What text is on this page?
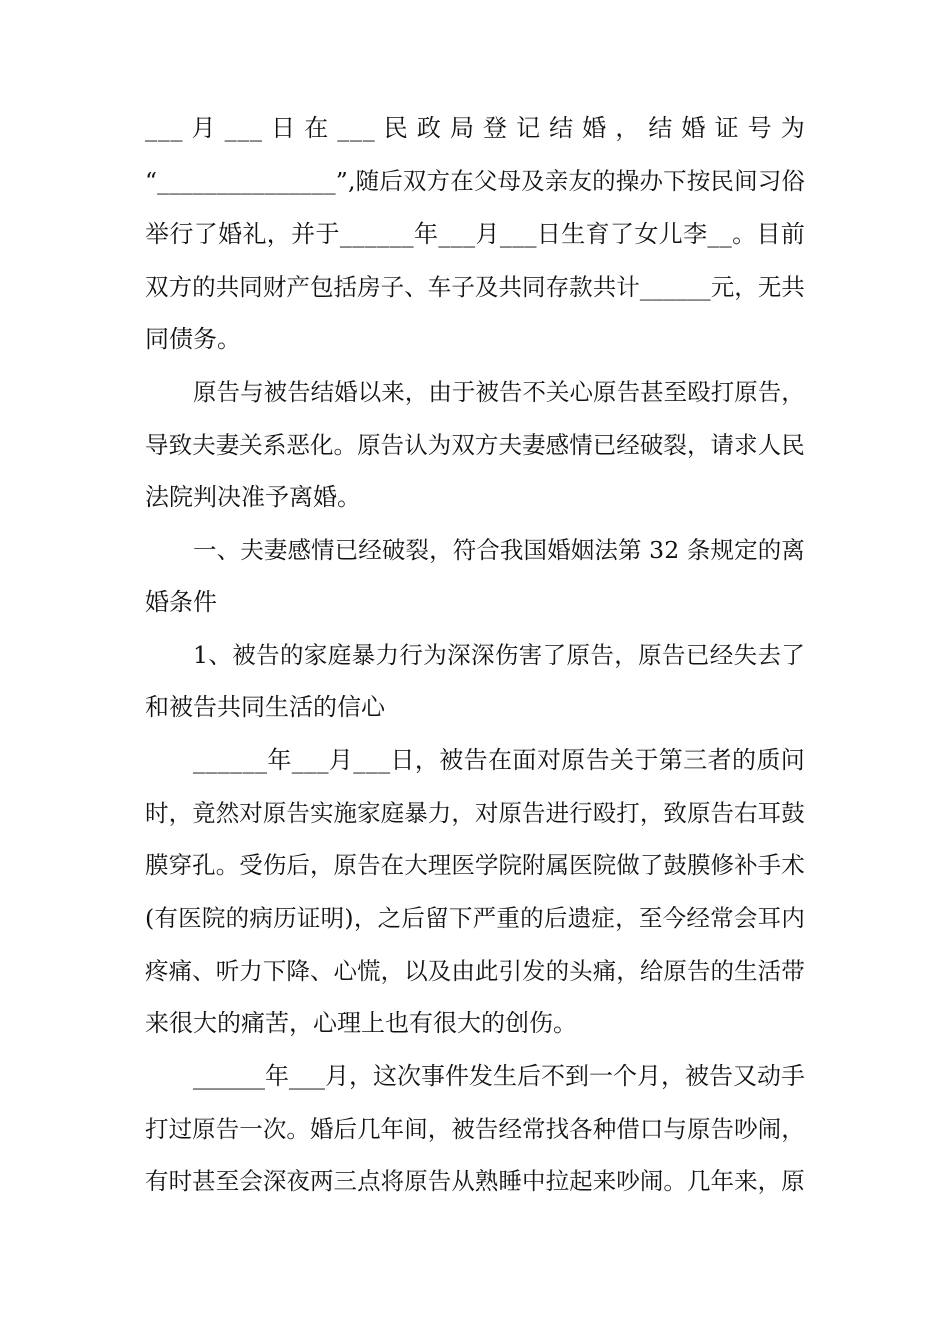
_ _ _
月
_ _ _
日
在
_ _ _
民
政
局
登
记
结
婚
，
结
婚
证
号
为
“ _ _ _ _ _ _ _ _ _ _ _ _ _ _ _ ” , 随 后 双 方 在 父 母 及 亲 友 的 操 办 下 按 民 间 习 俗
举 行 了 婚 礼 ， 并 于 _ _ _ _ _ _ 年 _ _ _ 月 _ _ _ 日 生 育 了 女 儿 李 _ _ 。 目 前
双 方 的 共 同 财 产 包 括 房 子 、 车 子 及 共 同 存 款 共 计 _ _ _ _ _ _ 元 ， 无 共
同债务。
原 告 与 被 告 结 婚 以 来 ， 由 于 被 告 不 关 心 原 告 甚 至 殴 打 原 告 ，
导 致 夫 妻 关 系 恶 化 。 原 告 认 为 双 方 夫 妻 感 情 已 经 破 裂 ， 请 求 人 民
法院判决准予离婚。
一 、 夫 妻 感 情 已 经 破 裂 ， 符 合 我 国 婚 姻 法 第
3 2
条 规 定 的 离
婚条件
1 、 被 告 的 家 庭 暴 力 行 为 深 深 伤 害 了 原 告 ， 原 告 已 经 失 去 了
和被告共同生活的信心
_ _ _ _ _ _ 年 _ _ _ 月 _ _ _ 日 ， 被 告 在 面 对 原 告 关 于 第 三 者 的 质 问
时 ， 竟 然 对 原 告 实 施 家 庭 暴 力 ， 对 原 告 进 行 殴 打 ， 致 原 告 右 耳 鼓
膜 穿 孔 。 受 伤 后 ， 原 告 在 大 理 医 学 院 附 属 医 院 做 了 鼓 膜 修 补 手 术
( 有 医 院 的 病 历 证 明 ) ， 之 后 留 下 严 重 的 后 遗 症 ， 至 今 经 常 会 耳 内
疼 痛 、 听 力 下 降 、 心 慌 ， 以 及 由 此 引 发 的 头 痛 ， 给 原 告 的 生 活 带
来很大的痛苦，心理上也有很大的创伤。
_ _ _ _ _ _ 年 _ _ _ 月 ， 这 次 事 件 发 生 后 不 到 一 个 月 ， 被 告 又 动 手
打 过 原 告 一 次 。 婚 后 几 年 间 ， 被 告 经 常 找 各 种 借 口 与 原 告 吵 闹 ，
有 时 甚 至 会 深 夜 两 三 点 将 原 告 从 熟 睡 中 拉 起 来 吵 闹 。 几 年 来 ， 原
